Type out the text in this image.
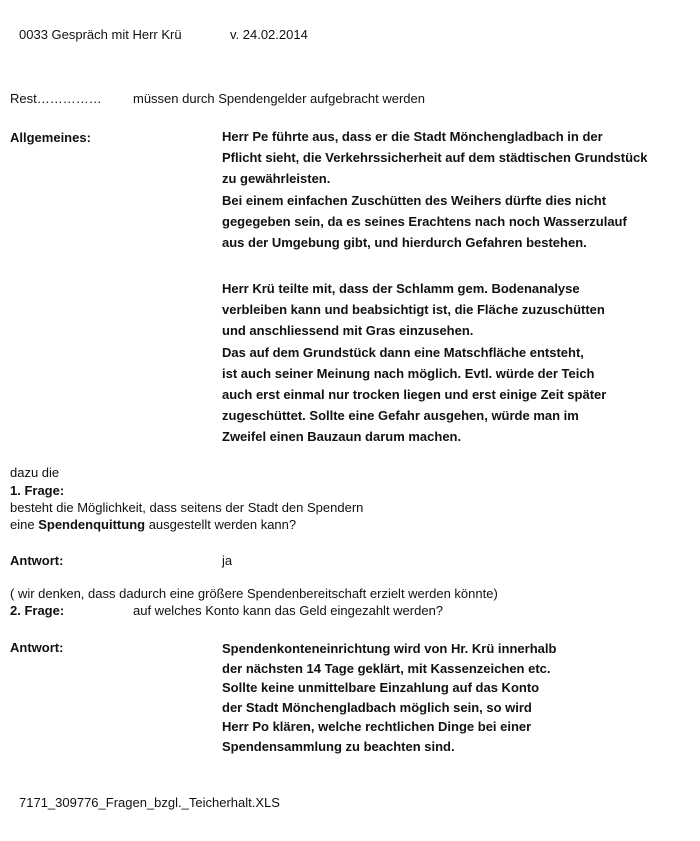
0033 Gespräch mit Herr Krü	v. 24.02.2014
Rest…………… müssen durch Spendengelder aufgebracht werden
Allgemeines:	Herr Pe führte aus, dass er die Stadt Mönchengladbach in der
Pflicht sieht, die Verkehrssicherheit auf dem städtischen Grundstück
zu gewährleisten.
Bei einem einfachen Zuschütten des Weihers dürfte dies nicht
gegegeben sein, da es seines Erachtens nach noch Wasserzulauf
aus der Umgebung gibt, und hierdurch Gefahren bestehen.
Herr Krü teilte mit, dass der Schlamm gem. Bodenanalyse
verbleiben kann und beabsichtigt ist, die Fläche zuzuschütten
und anschliessend mit Gras einzusehen.
Das auf dem Grundstück dann eine Matschfläche entsteht,
ist auch seiner Meinung nach möglich. Evtl. würde der Teich
auch erst einmal nur trocken liegen und erst einige Zeit später
zugeschüttet. Sollte eine Gefahr ausgehen, würde man im
Zweifel einen Bauzaun darum machen.
dazu die
1. Frage:
besteht die Möglichkeit, dass seitens der Stadt den Spendern
eine Spendenquittung ausgestellt werden kann?
Antwort:	ja
( wir denken, dass dadurch eine größere Spendenbereitschaft erzielt werden könnte)
2. Frage:	auf welches Konto kann das Geld eingezahlt werden?
Antwort:	Spendenkonteneinrichtung wird von Hr. Krü innerhalb
der nächsten 14 Tage geklärt, mit Kassenzeichen etc.
Sollte keine unmittelbare Einzahlung auf das Konto
der Stadt Mönchengladbach möglich sein, so wird
Herr Po klären, welche rechtlichen Dinge bei einer
Spendensammlung zu beachten sind.
7171_309776_Fragen_bzgl._Teicherhalt.XLS
